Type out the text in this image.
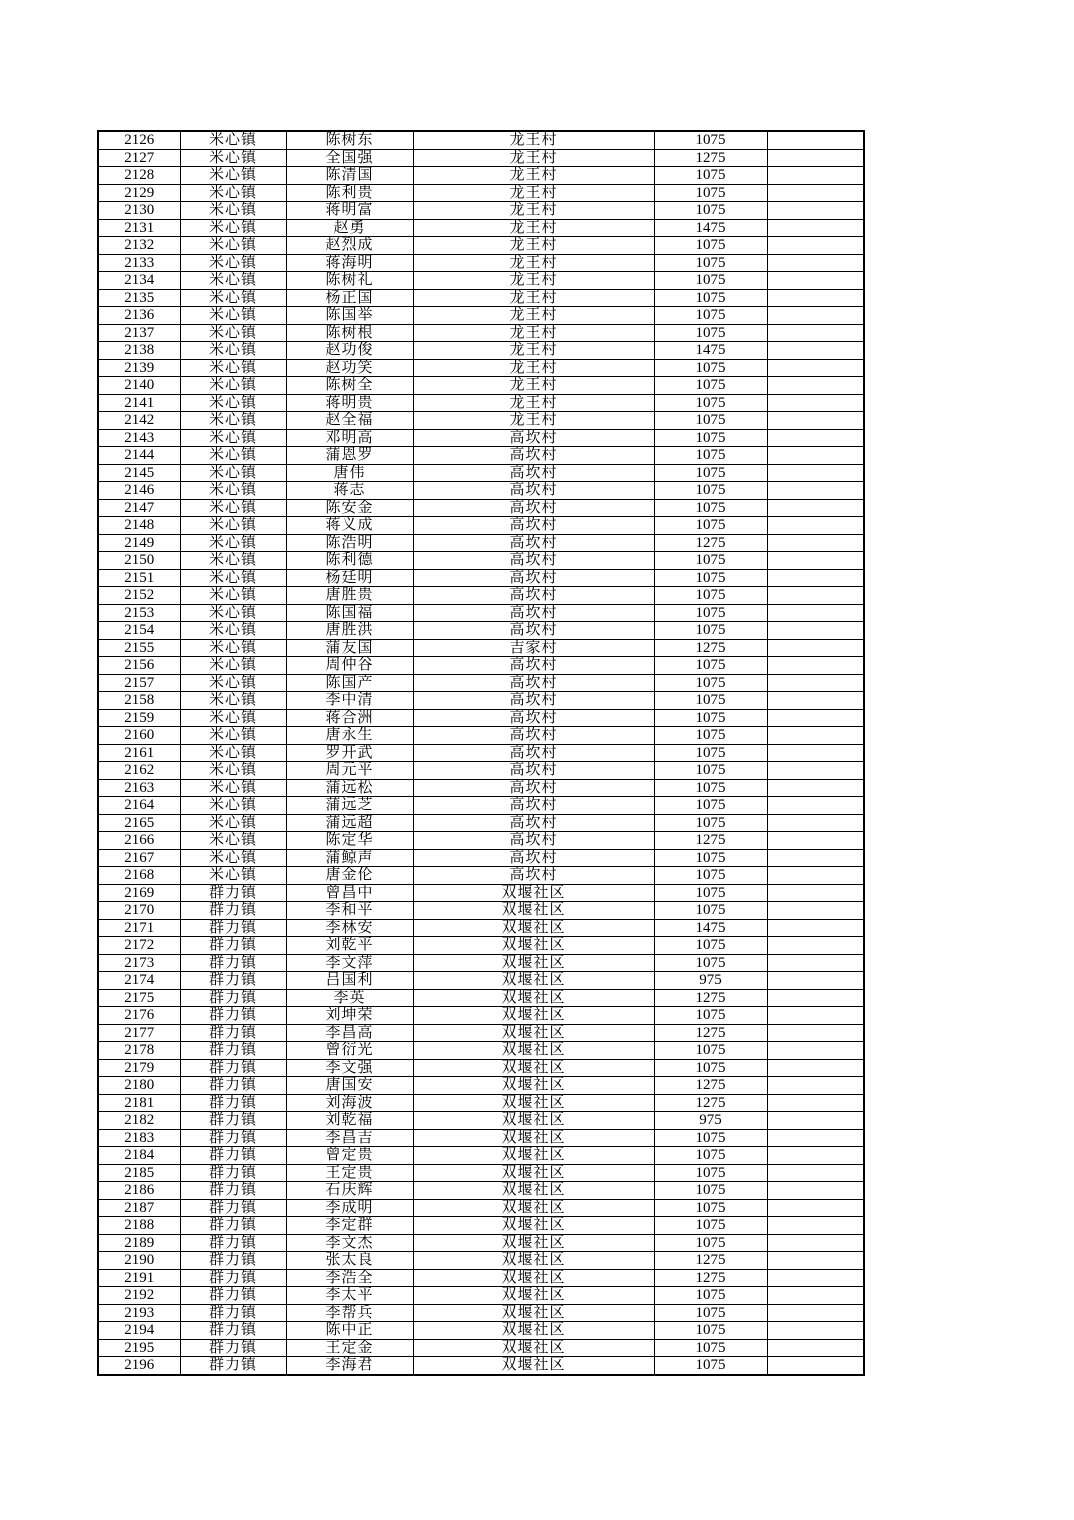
2126	米心镇	陈树东	龙王村	1075	
2127	米心镇	全国强	龙王村	1275	
2128	米心镇	陈清国	龙王村	1075	
2129	米心镇	陈利贵	龙王村	1075	
2130	米心镇	蒋明富	龙王村	1075	
2131	米心镇	赵勇	龙王村	1475	
2132	米心镇	赵烈成	龙王村	1075	
2133	米心镇	蒋海明	龙王村	1075	
2134	米心镇	陈树礼	龙王村	1075	
2135	米心镇	杨正国	龙王村	1075	
2136	米心镇	陈国举	龙王村	1075	
2137	米心镇	陈树根	龙王村	1075	
2138	米心镇	赵功俊	龙王村	1475	
2139	米心镇	赵功笑	龙王村	1075	
2140	米心镇	陈树全	龙王村	1075	
2141	米心镇	蒋明贵	龙王村	1075	
2142	米心镇	赵全福	龙王村	1075	
2143	米心镇	邓明高	高坎村	1075	
2144	米心镇	蒲恩罗	高坎村	1075	
2145	米心镇	唐伟	高坎村	1075	
2146	米心镇	蒋志	高坎村	1075	
2147	米心镇	陈安金	高坎村	1075	
2148	米心镇	蒋义成	高坎村	1075	
2149	米心镇	陈浩明	高坎村	1275	
2150	米心镇	陈利德	高坎村	1075	
2151	米心镇	杨廷明	高坎村	1075	
2152	米心镇	唐胜贵	高坎村	1075	
2153	米心镇	陈国福	高坎村	1075	
2154	米心镇	唐胜洪	高坎村	1075	
2155	米心镇	蒲友国	吉家村	1275	
2156	米心镇	周仲谷	高坎村	1075	
2157	米心镇	陈国产	高坎村	1075	
2158	米心镇	李中清	高坎村	1075	
2159	米心镇	蒋合洲	高坎村	1075	
2160	米心镇	唐永生	高坎村	1075	
2161	米心镇	罗开武	高坎村	1075	
2162	米心镇	周元平	高坎村	1075	
2163	米心镇	蒲远松	高坎村	1075	
2164	米心镇	蒲远芝	高坎村	1075	
2165	米心镇	蒲远超	高坎村	1075	
2166	米心镇	陈定华	高坎村	1275	
2167	米心镇	蒲鲸声	高坎村	1075	
2168	米心镇	唐金伦	高坎村	1075	
2169	群力镇	曾昌中	双堰社区	1075	
2170	群力镇	李和平	双堰社区	1075	
2171	群力镇	李林安	双堰社区	1475	
2172	群力镇	刘乾平	双堰社区	1075	
2173	群力镇	李文萍	双堰社区	1075	
2174	群力镇	吕国利	双堰社区	975	
2175	群力镇	李英	双堰社区	1275	
2176	群力镇	刘坤荣	双堰社区	1075	
2177	群力镇	李昌高	双堰社区	1275	
2178	群力镇	曾衍光	双堰社区	1075	
2179	群力镇	李文强	双堰社区	1075	
2180	群力镇	唐国安	双堰社区	1275	
2181	群力镇	刘海波	双堰社区	1275	
2182	群力镇	刘乾福	双堰社区	975	
2183	群力镇	李昌吉	双堰社区	1075	
2184	群力镇	曾定贵	双堰社区	1075	
2185	群力镇	王定贵	双堰社区	1075	
2186	群力镇	石庆辉	双堰社区	1075	
2187	群力镇	李成明	双堰社区	1075	
2188	群力镇	李定群	双堰社区	1075	
2189	群力镇	李文杰	双堰社区	1075	
2190	群力镇	张太良	双堰社区	1275	
2191	群力镇	李浩全	双堰社区	1275	
2192	群力镇	李太平	双堰社区	1075	
2193	群力镇	李帮兵	双堰社区	1075	
2194	群力镇	陈中正	双堰社区	1075	
2195	群力镇	王定金	双堰社区	1075	
2196	群力镇	李海君	双堰社区	1075	
